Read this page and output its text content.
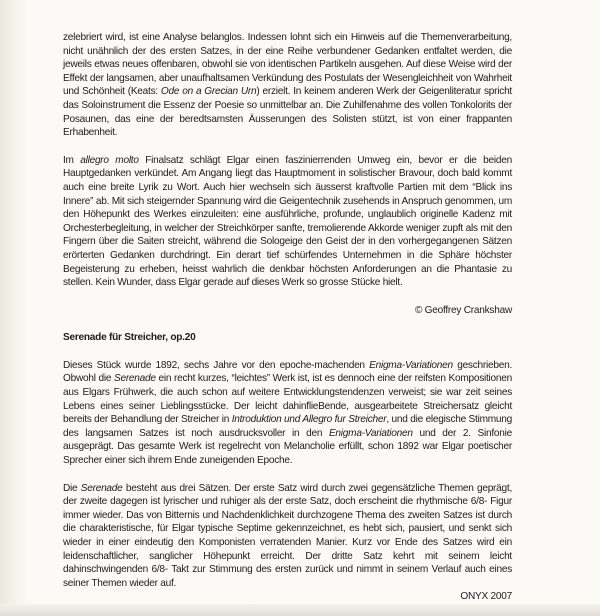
zelebriert wird, ist eine Analyse belanglos. Indessen lohnt sich ein Hinweis auf die Themenverarbeitung, nicht unähnlich der des ersten Satzes, in der eine Reihe verbundener Gedanken entfaltet werden, die jeweils etwas neues offenbaren, obwohl sie von identischen Partikeln ausgehen. Auf diese Weise wird der Effekt der langsamen, aber unaufhaltsamen Verkündung des Postulats der Wesengleichheit von Wahrheit und Schönheit (Keats: Ode on a Grecian Urn) erzielt. In keinem anderen Werk der Geigenliteratur spricht das Soloinstrument die Essenz der Poesie so unmittelbar an. Die Zuhilfenahme des vollen Tonkolorits der Posaunen, das eine der beredtsamsten Äusserungen des Solisten stützt, ist von einer frappanten Erhabenheit.

Im allegro molto Finalsatz schlägt Elgar einen faszinierrenden Umweg ein, bevor er die beiden Hauptgedanken verkündet. Am Angang liegt das Hauptmoment in solistischer Bravour, doch bald kommt auch eine breite Lyrik zu Wort. Auch hier wechseln sich äusserst kraftvolle Partien mit dem “Blick ins Innere” ab. Mit sich steigernder Spannung wird die Geigentechnik zusehends in Anspruch genommen, um den Höhepunkt des Werkes einzuleiten: eine ausführliche, profunde, unglaublich originelle Kadenz mit Orchesterbegleitung, in welcher der Streichkörper sanfte, tremolierende Akkorde weniger zupft als mit den Fingern über die Saiten streicht, während die Sologeige den Geist der in den vorhergegangenen Sätzen erörterten Gedanken durchdringt. Ein derart tief schürfendes Unternehmen in die Sphäre höchster Begeisterung zu erheben, heisst wahrlich die denkbar höchsten Anforderungen an die Phantasie zu stellen. Kein Wunder, dass Elgar gerade auf dieses Werk so grosse Stücke hielt.

© Geoffrey Crankshaw

Serenade für Streicher, op.20

Dieses Stück wurde 1892, sechs Jahre vor den epoche-machenden Enigma-Variationen geschrieben. Obwohl die Serenade ein recht kurzes, “leichtes” Werk ist, ist es dennoch eine der reifsten Kompositionen aus Elgars Frühwerk, die auch schon auf weitere Entwicklungstendenzen verweist; sie war zeit seines Lebens eines seiner Lieblingsstücke. Der leicht dahinflieBende, ausgearbeitete Streichersatz gleicht bereits der Behandlung der Streicher in Introduktion und Allegro fur Streicher, und die elegische Stimmung des langsamen Satzes ist noch ausdrucksvoller in den Enigma-Variationen und der 2. Sinfonie ausgeprägt. Das gesamte Werk ist regelrecht von Melancholie erfüllt, schon 1892 war Elgar poetischer Sprecher einer sich ihrem Ende zuneigenden Epoche.

Die Serenade besteht aus drei Sätzen. Der erste Satz wird durch zwei gegensätzliche Themen geprägt, der zweite dagegen ist lyrischer und ruhiger als der erste Satz, doch erscheint die rhythmische 6/8- Figur immer wieder. Das von Bitternis und Nachdenklichkeit durchzogene Thema des zweiten Satzes ist durch die charakteristische, für Elgar typische Septime gekennzeichnet, es hebt sich, pausiert, und senkt sich wieder in einer eindeutig den Komponisten verratenden Manier. Kurz vor Ende des Satzes wird ein leidenschaftlicher, sanglicher Höhepunkt erreicht. Der dritte Satz kehrt mit seinem leicht dahinschwingenden 6/8- Takt zur Stimmung des ersten zurück und nimmt in seinem Verlauf auch eines seiner Themen wieder auf.

ONYX 2007
